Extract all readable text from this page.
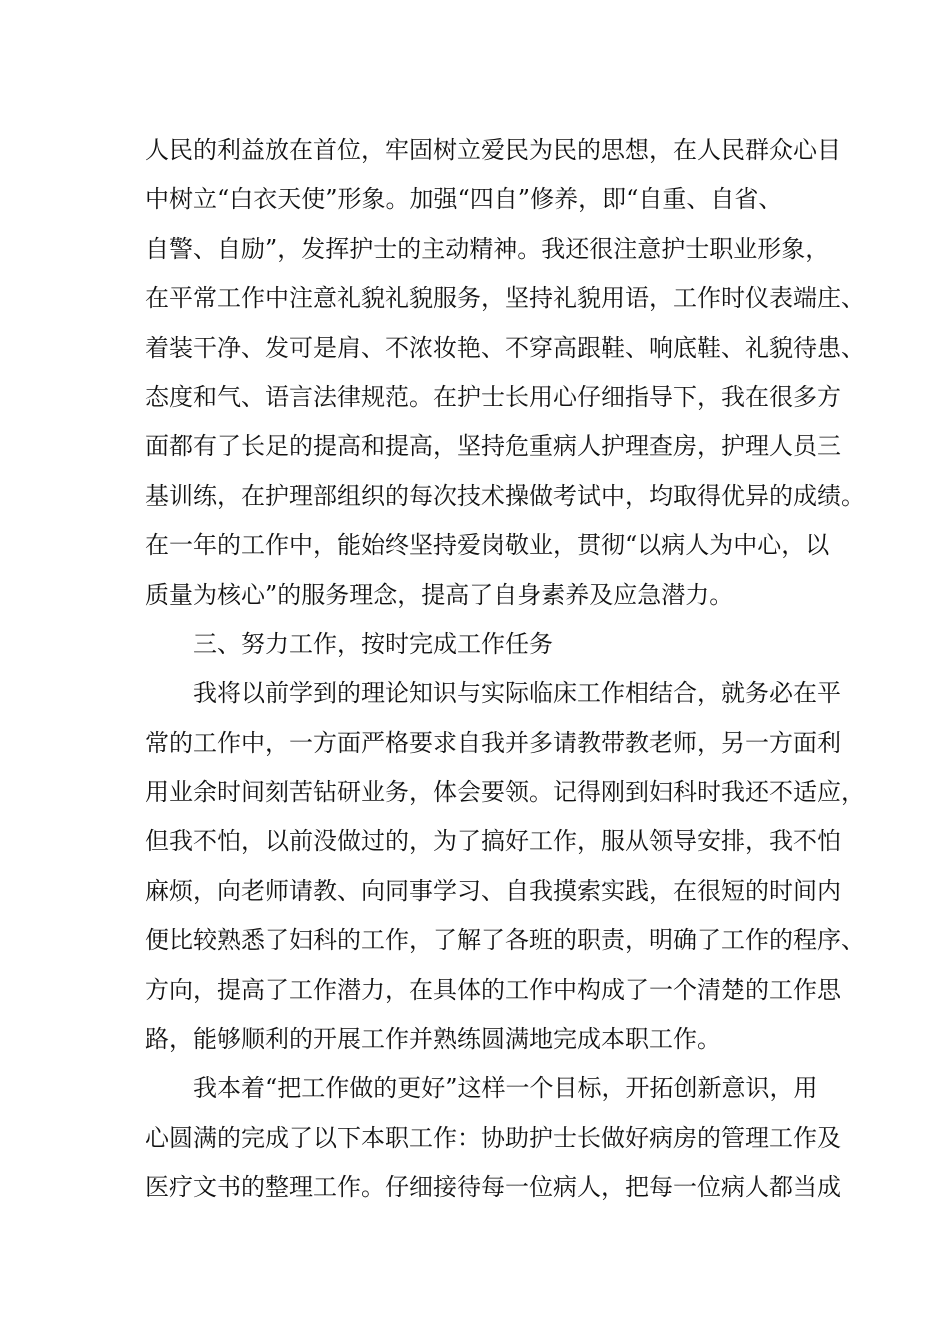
人民的利益放在首位，牢固树立爱民为民的思想，在人民群众心目
中树立“白衣天使”形象。加强“四自”修养，即“自重、自省、
自警、自励”，发挥护士的主动精神。我还很注意护士职业形象，
在平常工作中注意礼貌礼貌服务，坚持礼貌用语，工作时仪表端庄、
着装干净、发可是肩、不浓妆艳、不穿高跟鞋、响底鞋、礼貌待患、
态度和气、语言法律规范。在护士长用心仔细指导下，我在很多方
面都有了长足的提高和提高，坚持危重病人护理查房，护理人员三
基训练，在护理部组织的每次技术操做考试中，均取得优异的成绩。
在一年的工作中，能始终坚持爱岗敬业，贯彻“以病人为中心，以
质量为核心”的服务理念，提高了自身素养及应急潜力。
三、努力工作，按时完成工作任务
我将以前学到的理论知识与实际临床工作相结合，就务必在平
常的工作中，一方面严格要求自我并多请教带教老师，另一方面利
用业余时间刻苦钻研业务，体会要领。记得刚到妇科时我还不适应，
但我不怕，以前没做过的，为了搞好工作，服从领导安排，我不怕
麻烦，向老师请教、向同事学习、自我摸索实践，在很短的时间内
便比较熟悉了妇科的工作，了解了各班的职责，明确了工作的程序、
方向，提高了工作潜力，在具体的工作中构成了一个清楚的工作思
路，能够顺利的开展工作并熟练圆满地完成本职工作。
我本着“把工作做的更好”这样一个目标，开拓创新意识，用
心圆满的完成了以下本职工作：协助护士长做好病房的管理工作及
医疗文书的整理工作。仔细接待每一位病人，把每一位病人都当成
